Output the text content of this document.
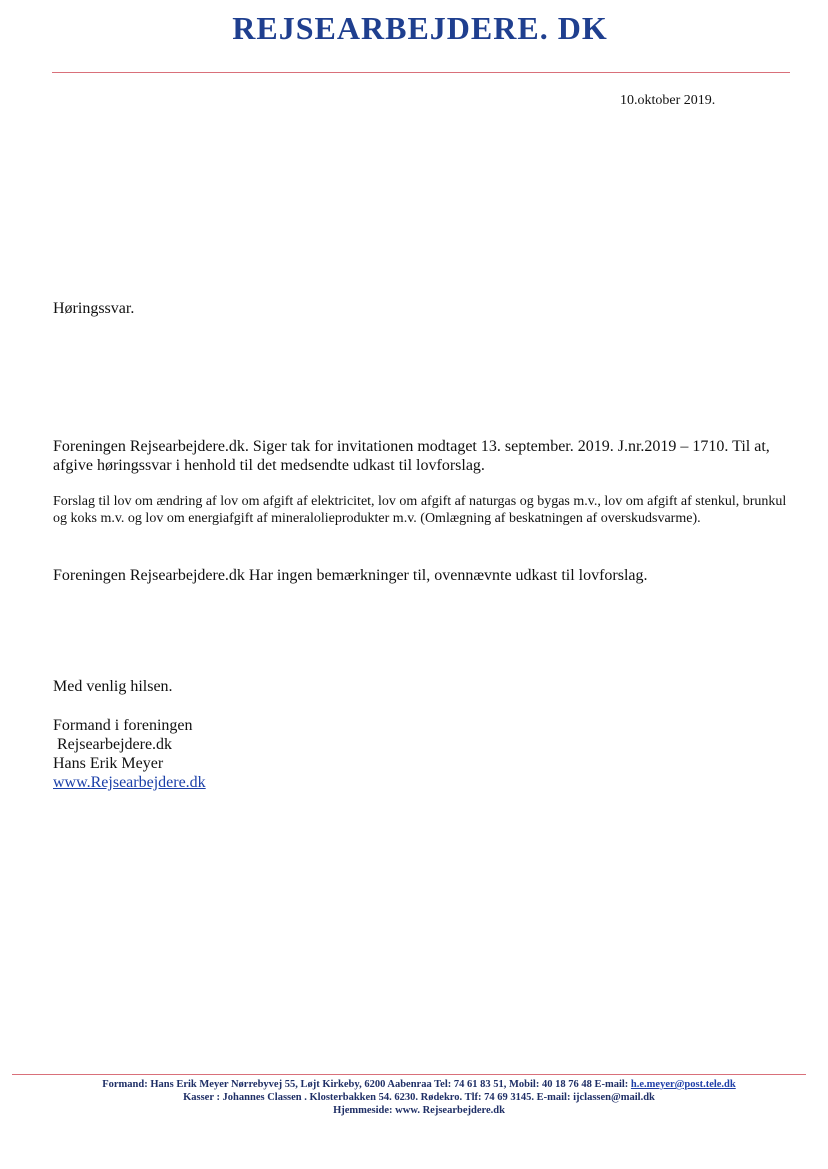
REJSEARBEJDERE. DK
10.oktober 2019.
Høringssvar.

Foreningen Rejsearbejdere.dk. Siger tak for invitationen modtaget 13. september. 2019. J.nr.2019 – 1710. Til at, afgive høringssvar i henhold til det medsendte udkast til lovforslag.

Forslag til lov om ændring af lov om afgift af elektricitet, lov om afgift af naturgas og bygas m.v., lov om afgift af stenkul, brunkul og koks m.v. og lov om energiafgift af mineralolieprodukter m.v. (Omlægning af beskatningen af overskudsvarme).

Foreningen Rejsearbejdere.dk Har ingen bemærkninger til, ovennævnte udkast til lovforslag.

Med venlig hilsen.
Formand i foreningen
Rejsearbejdere.dk
Hans Erik Meyer
www.Rejsearbejdere.dk
Formand: Hans Erik Meyer Nørrebyvej 55, Løjt Kirkeby, 6200 Aabenraa Tel: 74 61 83 51, Mobil: 40 18 76 48 E-mail: h.e.meyer@post.tele.dk
Kasser : Johannes Classen . Klosterbakken 54. 6230. Rødekro. Tlf: 74 69 3145. E-mail: ijclassen@mail.dk
Hjemmeside: www. Rejsearbejdere.dk
